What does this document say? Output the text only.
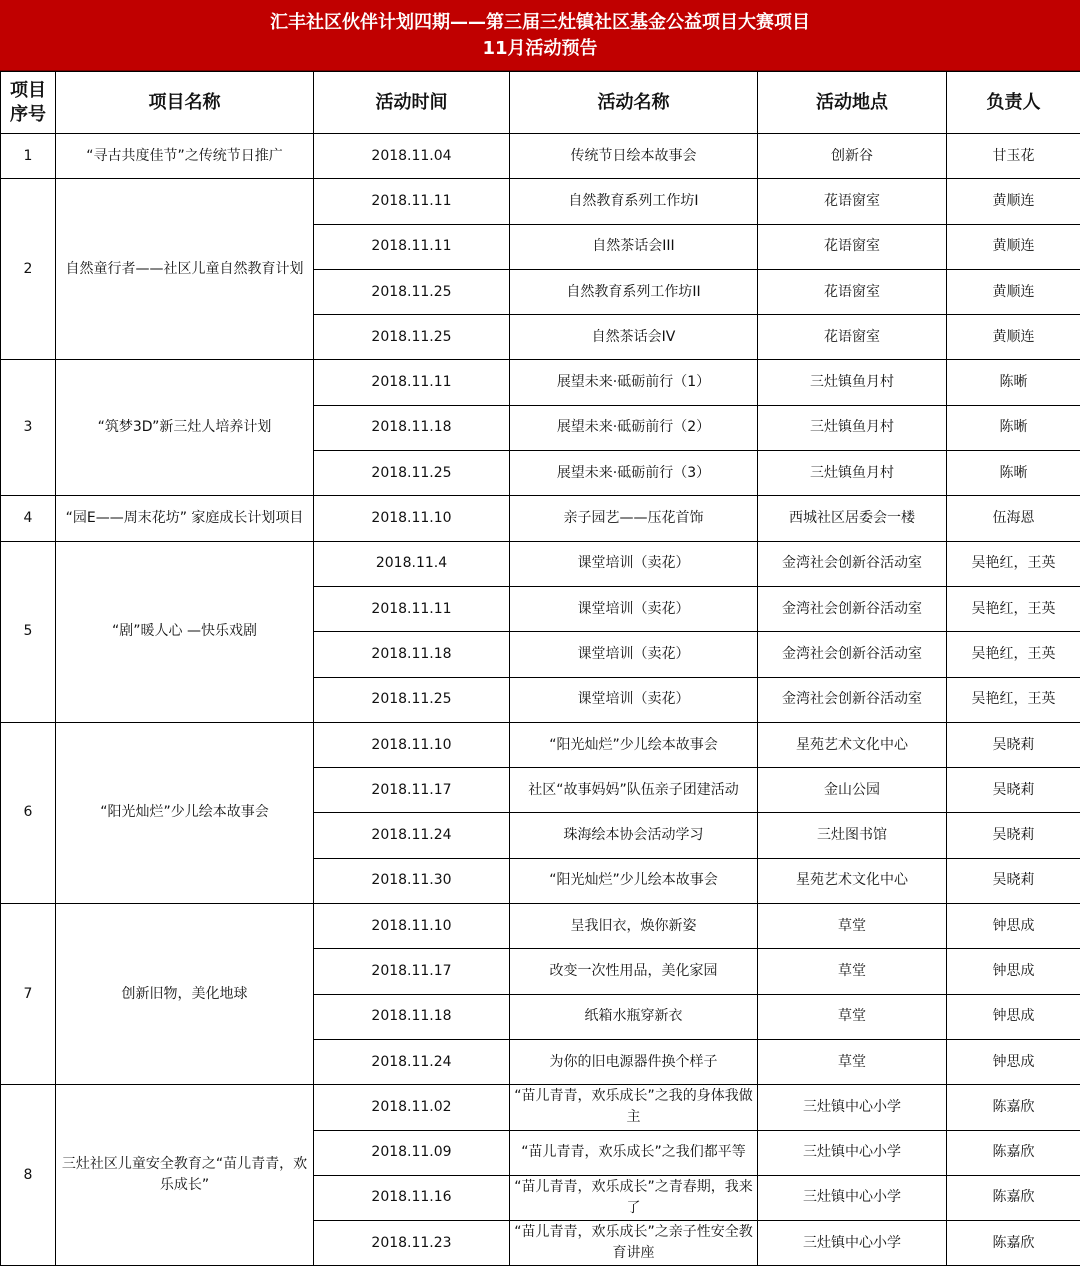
汇丰社区伙伴计划四期——第三届三灶镇社区基金公益项目大赛项目
11月活动预告
项目序号	项目名称	活动时间	活动名称	活动地点	负责人
1	“寻古共度佳节”之传统节日推广	2018.11.04	传统节日绘本故事会	创新谷	甘玉花
2	自然童行者——社区儿童自然教育计划	2018.11.11	自然教育系列工作坊I	花语窗室	黄顺连
		2018.11.11	自然茶话会III	花语窗室	黄顺连
		2018.11.25	自然教育系列工作坊II	花语窗室	黄顺连
		2018.11.25	自然茶话会IV	花语窗室	黄顺连
3	“筑梦3D”新三灶人培养计划	2018.11.11	展望未来·砥砺前行（1）	三灶镇鱼月村	陈晰
		2018.11.18	展望未来·砥砺前行（2）	三灶镇鱼月村	陈晰
		2018.11.25	展望未来·砥砺前行（3）	三灶镇鱼月村	陈晰
4	“园E——周末花坊” 家庭成长计划项目	2018.11.10	亲子园艺——压花首饰	西城社区居委会一楼	伍海恩
5	“剧”暖人心 —快乐戏剧	2018.11.4	课堂培训（卖花）	金湾社会创新谷活动室	吴艳红，王英
		2018.11.11	课堂培训（卖花）	金湾社会创新谷活动室	吴艳红，王英
		2018.11.18	课堂培训（卖花）	金湾社会创新谷活动室	吴艳红，王英
		2018.11.25	课堂培训（卖花）	金湾社会创新谷活动室	吴艳红，王英
6	“阳光灿烂”少儿绘本故事会	2018.11.10	“阳光灿烂”少儿绘本故事会	星苑艺术文化中心	吴晓莉
		2018.11.17	社区“故事妈妈”队伍亲子团建活动	金山公园	吴晓莉
		2018.11.24	珠海绘本协会活动学习	三灶图书馆	吴晓莉
		2018.11.30	“阳光灿烂”少儿绘本故事会	星苑艺术文化中心	吴晓莉
7	创新旧物，美化地球	2018.11.10	呈我旧衣，焕你新姿	草堂	钟思成
		2018.11.17	改变一次性用品，美化家园	草堂	钟思成
		2018.11.18	纸箱水瓶穿新衣	草堂	钟思成
		2018.11.24	为你的旧电源器件换个样子	草堂	钟思成
8	三灶社区儿童安全教育之“苗儿青青，欢乐成长”	2018.11.02	“苗儿青青，欢乐成长”之我的身体我做主	三灶镇中心小学	陈嘉欣
		2018.11.09	“苗儿青青，欢乐成长”之我们都平等	三灶镇中心小学	陈嘉欣
		2018.11.16	“苗儿青青，欢乐成长”之青春期，我来了	三灶镇中心小学	陈嘉欣
		2018.11.23	“苗儿青青，欢乐成长”之亲子性安全教育讲座	三灶镇中心小学	陈嘉欣
